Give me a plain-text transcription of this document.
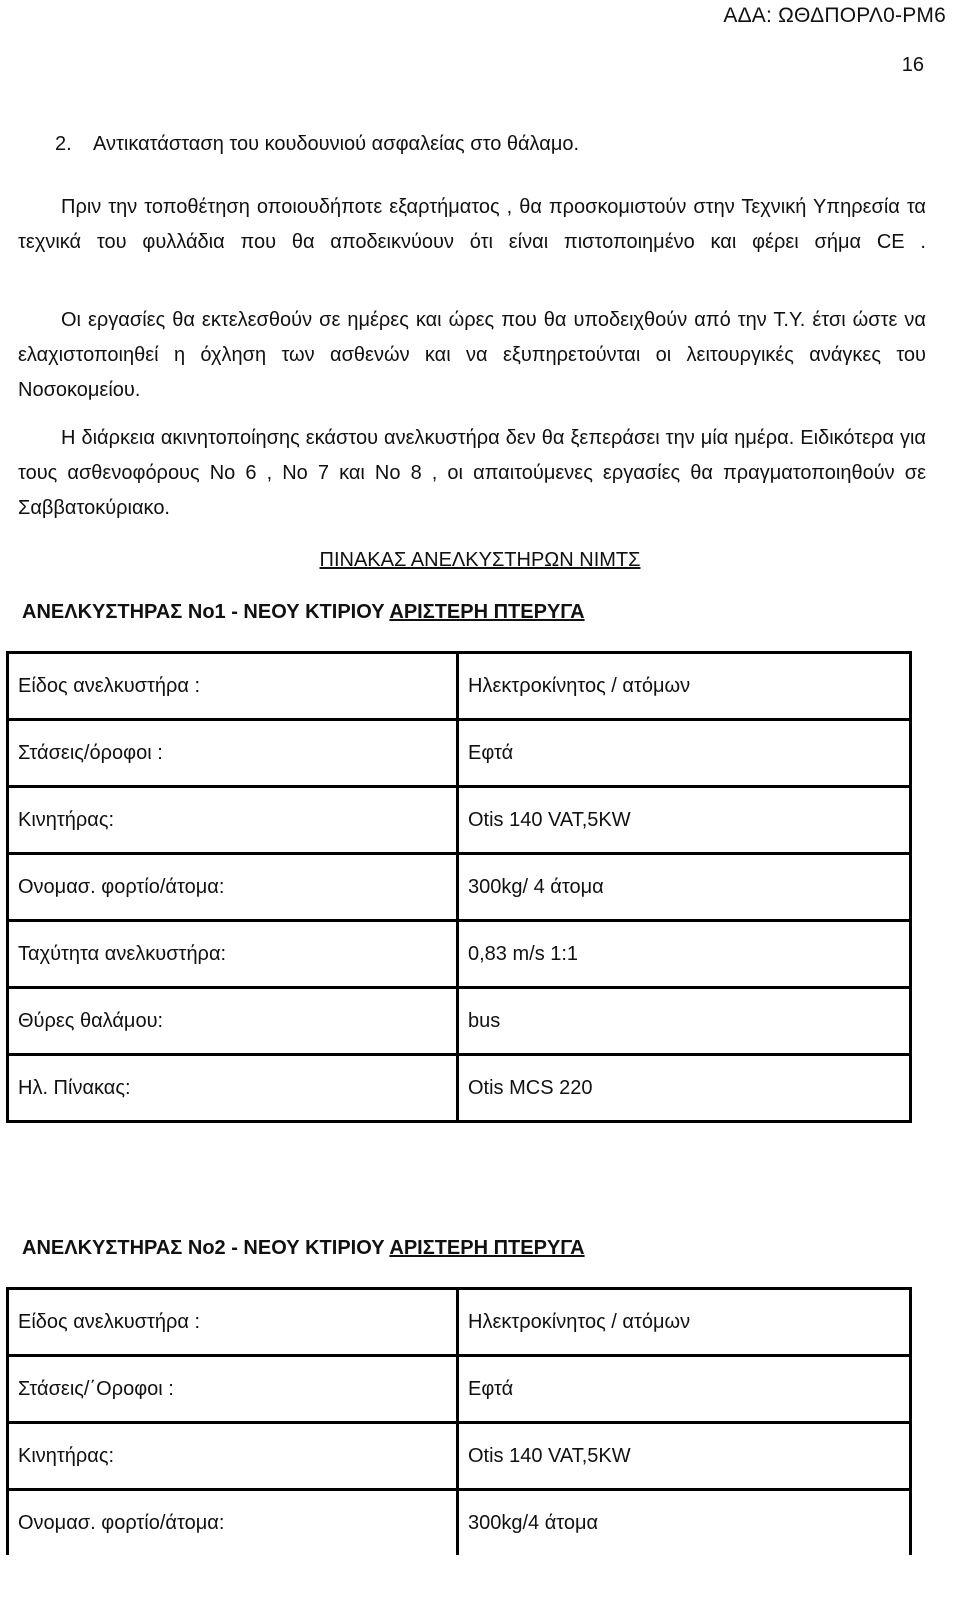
ΑΔΑ: ΩΘΔΠΟΡΛ0-ΡΜ6
16
2. Αντικατάσταση του κουδουνιού ασφαλείας στο θάλαμο.
Πριν την τοποθέτηση οποιουδήποτε εξαρτήματος , θα προσκομιστούν στην Τεχνική Υπηρεσία τα τεχνικά του φυλλάδια που θα αποδεικνύουν ότι είναι πιστοποιημένο και φέρει σήμα CE .
Οι εργασίες θα εκτελεσθούν σε ημέρες και ώρες που θα υποδειχθούν από την Τ.Υ. έτσι ώστε να ελαχιστοποιηθεί η όχληση των ασθενών και να εξυπηρετούνται οι λειτουργικές ανάγκες του Νοσοκομείου.
Η διάρκεια ακινητοποίησης εκάστου ανελκυστήρα δεν θα ξεπεράσει την μία ημέρα. Ειδικότερα για τους ασθενοφόρους Νο 6 , Νο 7 και Νο 8 , οι απαιτούμενες εργασίες θα πραγματοποιηθούν σε Σαββατοκύριακο.
ΠΙΝΑΚΑΣ ΑΝΕΛΚΥΣΤΗΡΩΝ ΝΙΜΤΣ
ΑΝΕΛΚΥΣΤΗΡΑΣ Νο1 - ΝΕΟΥ ΚΤΙΡΙΟΥ ΑΡΙΣΤΕΡΗ ΠΤΕΡΥΓΑ
Είδος ανελκυστήρα :	Ηλεκτροκίνητος / ατόμων
Στάσεις/όροφοι :	Εφτά
Κινητήρας:	Otis 140 VAT,5KW
Ονομασ. φορτίο/άτομα:	300kg/ 4 άτομα
Ταχύτητα ανελκυστήρα:	0,83 m/s 1:1
Θύρες θαλάμου:	bus
Ηλ. Πίνακας:	Otis MCS 220
ΑΝΕΛΚΥΣΤΗΡΑΣ Νο2 - ΝΕΟΥ ΚΤΙΡΙΟΥ ΑΡΙΣΤΕΡΗ ΠΤΕΡΥΓΑ
Είδος ανελκυστήρα :	Ηλεκτροκίνητος / ατόμων
Στάσεις/΄Οροφοι :	Εφτά
Κινητήρας:	Otis 140 VAT,5KW
Ονομασ. φορτίο/άτομα:	300kg/4 άτομα
